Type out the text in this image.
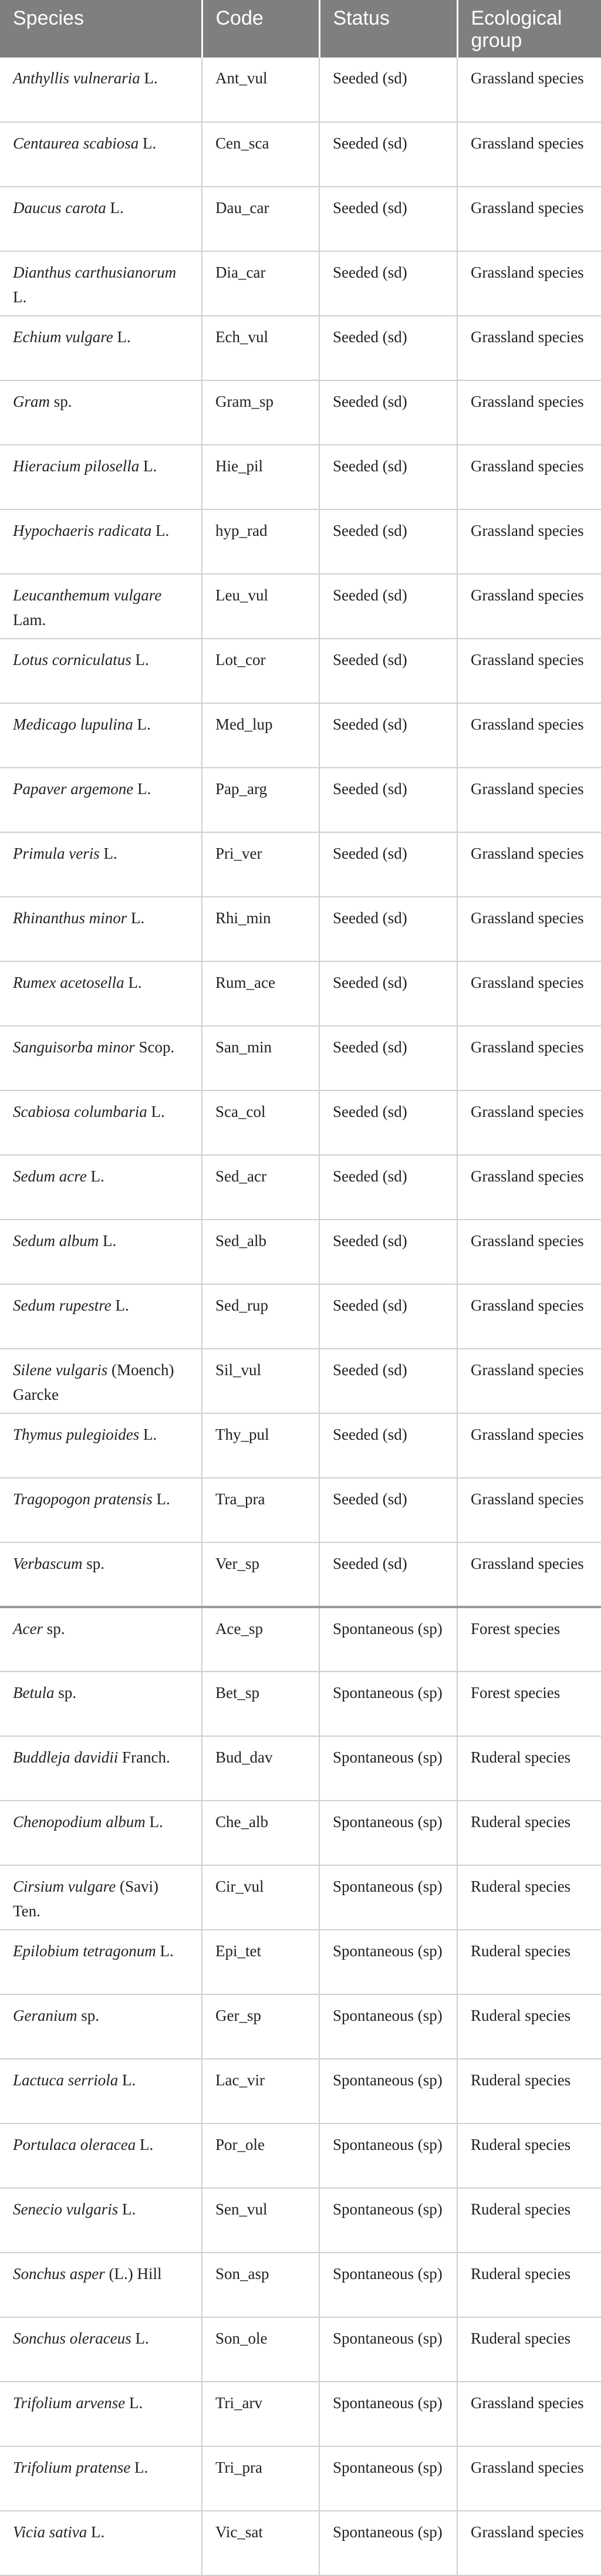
Species	Code	Status	Ecological group
Anthyllis vulneraria L.	Ant_vul	Seeded (sd)	Grassland species
Centaurea scabiosa L.	Cen_sca	Seeded (sd)	Grassland species
Daucus carota L.	Dau_car	Seeded (sd)	Grassland species
Dianthus carthusianorum L.	Dia_car	Seeded (sd)	Grassland species
Echium vulgare L.	Ech_vul	Seeded (sd)	Grassland species
Gram sp.	Gram_sp	Seeded (sd)	Grassland species
Hieracium pilosella L.	Hie_pil	Seeded (sd)	Grassland species
Hypochaeris radicata L.	hyp_rad	Seeded (sd)	Grassland species
Leucanthemum vulgare Lam.	Leu_vul	Seeded (sd)	Grassland species
Lotus corniculatus L.	Lot_cor	Seeded (sd)	Grassland species
Medicago lupulina L.	Med_lup	Seeded (sd)	Grassland species
Papaver argemone L.	Pap_arg	Seeded (sd)	Grassland species
Primula veris L.	Pri_ver	Seeded (sd)	Grassland species
Rhinanthus minor L.	Rhi_min	Seeded (sd)	Grassland species
Rumex acetosella L.	Rum_ace	Seeded (sd)	Grassland species
Sanguisorba minor Scop.	San_min	Seeded (sd)	Grassland species
Scabiosa columbaria L.	Sca_col	Seeded (sd)	Grassland species
Sedum acre L.	Sed_acr	Seeded (sd)	Grassland species
Sedum album L.	Sed_alb	Seeded (sd)	Grassland species
Sedum rupestre L.	Sed_rup	Seeded (sd)	Grassland species
Silene vulgaris (Moench) Garcke	Sil_vul	Seeded (sd)	Grassland species
Thymus pulegioides L.	Thy_pul	Seeded (sd)	Grassland species
Tragopogon pratensis L.	Tra_pra	Seeded (sd)	Grassland species
Verbascum sp.	Ver_sp	Seeded (sd)	Grassland species
Acer sp.	Ace_sp	Spontaneous (sp)	Forest species
Betula sp.	Bet_sp	Spontaneous (sp)	Forest species
Buddleja davidii Franch.	Bud_dav	Spontaneous (sp)	Ruderal species
Chenopodium album L.	Che_alb	Spontaneous (sp)	Ruderal species
Cirsium vulgare (Savi) Ten.	Cir_vul	Spontaneous (sp)	Ruderal species
Epilobium tetragonum L.	Epi_tet	Spontaneous (sp)	Ruderal species
Geranium sp.	Ger_sp	Spontaneous (sp)	Ruderal species
Lactuca serriola L.	Lac_vir	Spontaneous (sp)	Ruderal species
Portulaca oleracea L.	Por_ole	Spontaneous (sp)	Ruderal species
Senecio vulgaris L.	Sen_vul	Spontaneous (sp)	Ruderal species
Sonchus asper (L.) Hill	Son_asp	Spontaneous (sp)	Ruderal species
Sonchus oleraceus L.	Son_ole	Spontaneous (sp)	Ruderal species
Trifolium arvense L.	Tri_arv	Spontaneous (sp)	Grassland species
Trifolium pratense L.	Tri_pra	Spontaneous (sp)	Grassland species
Vicia sativa L.	Vic_sat	Spontaneous (sp)	Grassland species
